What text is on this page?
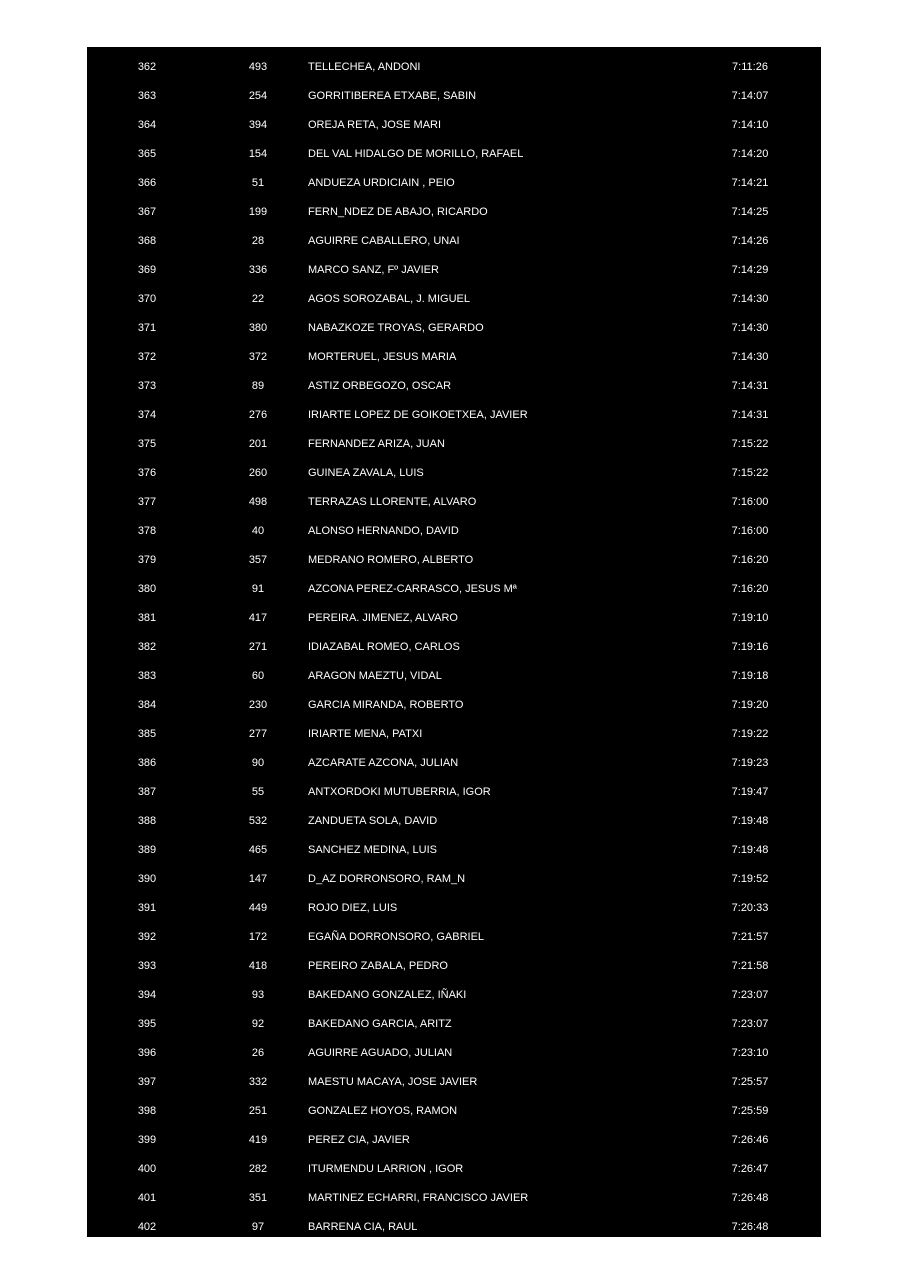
362	493	TELLECHEA, ANDONI	7:11:26
363	254	GORRITIBEREA ETXABE, SABIN	7:14:07
364	394	OREJA RETA, JOSE MARI	7:14:10
365	154	DEL VAL HIDALGO DE MORILLO, RAFAEL	7:14:20
366	51	ANDUEZA URDICIAIN , PEIO	7:14:21
367	199	FERN_NDEZ DE ABAJO, RICARDO	7:14:25
368	28	AGUIRRE CABALLERO, UNAI	7:14:26
369	336	MARCO SANZ, Fº JAVIER	7:14:29
370	22	AGOS SOROZABAL, J. MIGUEL	7:14:30
371	380	NABAZKOZE TROYAS, GERARDO	7:14:30
372	372	MORTERUEL, JESUS MARIA	7:14:30
373	89	ASTIZ ORBEGOZO, OSCAR	7:14:31
374	276	IRIARTE LOPEZ DE GOIKOETXEA, JAVIER	7:14:31
375	201	FERNANDEZ ARIZA, JUAN	7:15:22
376	260	GUINEA ZAVALA, LUIS	7:15:22
377	498	TERRAZAS LLORENTE, ALVARO	7:16:00
378	40	ALONSO HERNANDO, DAVID	7:16:00
379	357	MEDRANO ROMERO, ALBERTO	7:16:20
380	91	AZCONA PEREZ-CARRASCO, JESUS Mª	7:16:20
381	417	PEREIRA. JIMENEZ, ALVARO	7:19:10
382	271	IDIAZABAL ROMEO, CARLOS	7:19:16
383	60	ARAGON MAEZTU, VIDAL	7:19:18
384	230	GARCIA MIRANDA, ROBERTO	7:19:20
385	277	IRIARTE MENA, PATXI	7:19:22
386	90	AZCARATE AZCONA, JULIAN	7:19:23
387	55	ANTXORDOKI MUTUBERRIA, IGOR	7:19:47
388	532	ZANDUETA SOLA, DAVID	7:19:48
389	465	SANCHEZ MEDINA, LUIS	7:19:48
390	147	D_AZ DORRONSORO, RAM_N	7:19:52
391	449	ROJO DIEZ, LUIS	7:20:33
392	172	EGAÑA DORRONSORO, GABRIEL	7:21:57
393	418	PEREIRO ZABALA, PEDRO	7:21:58
394	93	BAKEDANO GONZALEZ, IÑAKI	7:23:07
395	92	BAKEDANO GARCIA, ARITZ	7:23:07
396	26	AGUIRRE AGUADO, JULIAN	7:23:10
397	332	MAESTU MACAYA, JOSE JAVIER	7:25:57
398	251	GONZALEZ HOYOS, RAMON	7:25:59
399	419	PEREZ CIA, JAVIER	7:26:46
400	282	ITURMENDU LARRION , IGOR	7:26:47
401	351	MARTINEZ ECHARRI, FRANCISCO JAVIER	7:26:48
402	97	BARRENA CIA, RAUL	7:26:48
